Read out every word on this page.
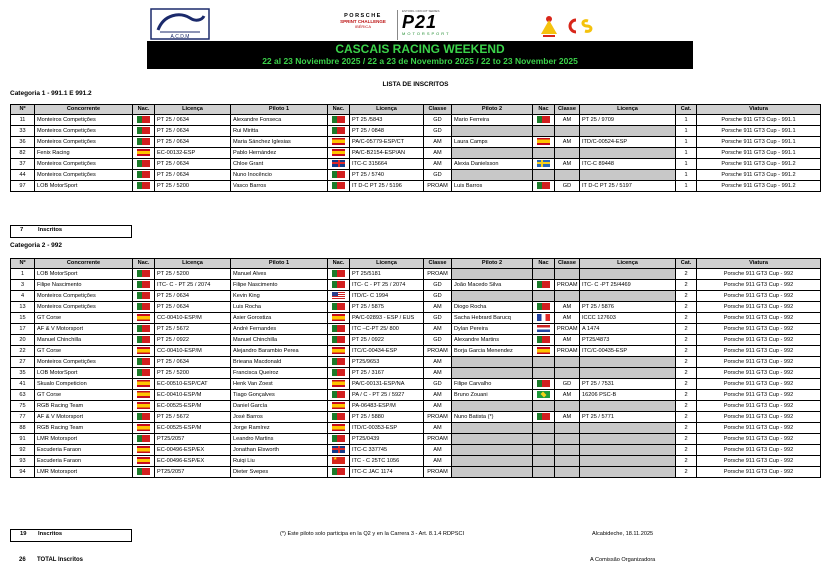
A.C.D.M
PORSCHE
SPRINT CHALLENGE
IBÉRICA
ESTORIL CIRCUIT SERIES
P21
MOTORSPORT
CASCAIS RACING WEEKEND
22 al 23 Noviembre 2025 / 22 a 23 de Novembro 2025 / 22 to 23 November 2025
LISTA DE INSCRITOS
Categoria 1 - 991.1 E 991.2
Nº	Concorrente	Nac.	Licença	Piloto 1	Nac.	Licença	Classe	Piloto 2	Nac	Classe	Licença	Cat.	Viatura
11	Monteiros Competições		PT 25 / 0634	Alexandre Fonseca		PT 25 /5843	GD	Mario Ferreira		AM	PT 25 / 9709	1	Porsche 911 GT3 Cup - 991.1
33	Monteiros Competições		PT 25 / 0634	Rui Miritta		PT 25 / 0848	GD					1	Porsche 911 GT3 Cup - 991.1
36	Monteiros Competições		PT 25 / 0634	Maria Sánchez Iglesias		PA/C-05779-ESP/CT	AM	Laura Camps		AM	ITD/C-00524-ESP	1	Porsche 911 GT3 Cup - 991.1
82	Fenix Racing		EC-00132-ESP	Pablo Hernández		PA/C-B2154-ESP/AN	AM					1	Porsche 911 GT3 Cup - 991.1
37	Monteiros Competições		PT 25 / 0634	Chloe Grant		ITC-C 315664	AM	Alexia Danielsson		AM	ITC-C 89448	1	Porsche 911 GT3 Cup - 991.2
44	Monteiros Competições		PT 25 / 0634	Nuno Inocêncio		PT 25 / 5740	GD					1	Porsche 911 GT3 Cup - 991.2
97	LOB MotorSport		PT 25 / 5200	Vasco Barros		IT D-C PT 25 / 5196	PROAM	Luis Barros		GD	IT D-C PT 25 / 5197	1	Porsche 911 GT3 Cup - 991.2
7	Inscritos
Categoria 2 - 992
Nº	Concorrente	Nac.	Licença	Piloto 1	Nac.	Licença	Classe	Piloto 2	Nac	Classe	Licença	Cat.	Viatura
1	LOB MotorSport		PT 25 / 5200	Manuel Alves		PT 25/5181	PROAM					2	Porsche 911 GT3 Cup - 992
3	Filipe Nascimento		ITC- C - PT 25 / 2074	Filipe Nascimento		ITC- C - PT 25 / 2074	GD	João Macedo Silva		PROAM	ITC- C -PT 25/4469	2	Porsche 911 GT3 Cup - 992
4	Monteiros Competições		PT 25 / 0634	Kevin King		ITD/C- C 1994	GD					2	Porsche 911 GT3 Cup - 992
13	Monteiros Competições		PT 25 / 0634	Luis Rocha		PT 25 / 5875	AM	Diogo Rocha		AM	PT 25 / 5876	2	Porsche 911 GT3 Cup - 992
15	GT Corse		CC-00410-ESP/M	Asier Gorostiza		PA/C-02893 - ESP / EUS	GD	Sacha Hebrard Barucq		AM	ICCC 127603	2	Porsche 911 GT3 Cup - 992
17	AF & V Motorsport		PT 25 / 5672	André Fernandes		ITC –C-PT 25/ 800	AM	Dylan Pereira		PROAM	A 1474	2	Porsche 911 GT3 Cup - 992
20	Manuel Chinchilla		PT 25 / 0922	Manuel Chinchilla		PT 25 / 0922	GD	Alexandre Martins		AM	PT25/4873	2	Porsche 911 GT3 Cup - 992
22	GT Corse		CC-00410-ESP/M	Alejandro Barambio Perea		ITC/C-00434-ESP	PROAM	Borja Garcia Menendez		PROAM	ITC/C-00435-ESP	2	Porsche 911 GT3 Cup - 992
27	Monteiros Competições		PT 25 / 0634	Brieana Macdonald		PT25/9653	AM					2	Porsche 911 GT3 Cup - 992
35	LOB MotorSport		PT 25 / 5200	Francisca Queiroz		PT 25 / 3167	AM					2	Porsche 911 GT3 Cup - 992
41	Skualo Competicion		EC-00510-ESP/CAT	Henk Van Zoest		PA/C-00131-ESP/NA	GD	Filipe Carvalho		GD	PT 25 / 7531	2	Porsche 911 GT3 Cup - 992
63	GT Corse		EC-00410-ESP/M	Tiago Gonçalves		PA / C - PT 25 / 5927	AM	Bruno Zouani		AM	16206 PSC-B	2	Porsche 911 GT3 Cup - 992
75	RGB Racing Team		EC-00525-ESP/M	Daniel García		PA-06483-ESP/M	AM					2	Porsche 911 GT3 Cup - 992
77	AF & V Motorsport		PT 25 / 5672	José Barros		PT 25 / 5880	PROAM	Nuno Batista (*)		AM	PT 25 / 5771	2	Porsche 911 GT3 Cup - 992
88	RGB Racing Team		EC-00525-ESP/M	Jorge Ramírez		ITD/C-00353-ESP	AM					2	Porsche 911 GT3 Cup - 992
91	LMR Motorsport		PT25/2057	Leandro Martins		PT25/0439	PROAM					2	Porsche 911 GT3 Cup - 992
92	Escuderia Faraon		EC-00496-ESP/EX	Jonathan Elsworth		ITC-C 337745	AM					2	Porsche 911 GT3 Cup - 992
93	Escuderia Faraon		EC-00496-ESP/EX	Ruiqi Liu	★	ITC - C 25TC 1056	AM					2	Porsche 911 GT3 Cup - 992
94	LMR Motorsport		PT25/2057	Dieter Svepes		ITC-C JAC 1174	PROAM					2	Porsche 911 GT3 Cup - 992
19 Inscritos	(*) Este piloto solo participa en la Q2 y en la Carrera 3 - Art. 8.1.4 RDPSCI	Alcabideche, 18.11.2025
26 TOTAL Inscritos	A Comissão Organizadora
